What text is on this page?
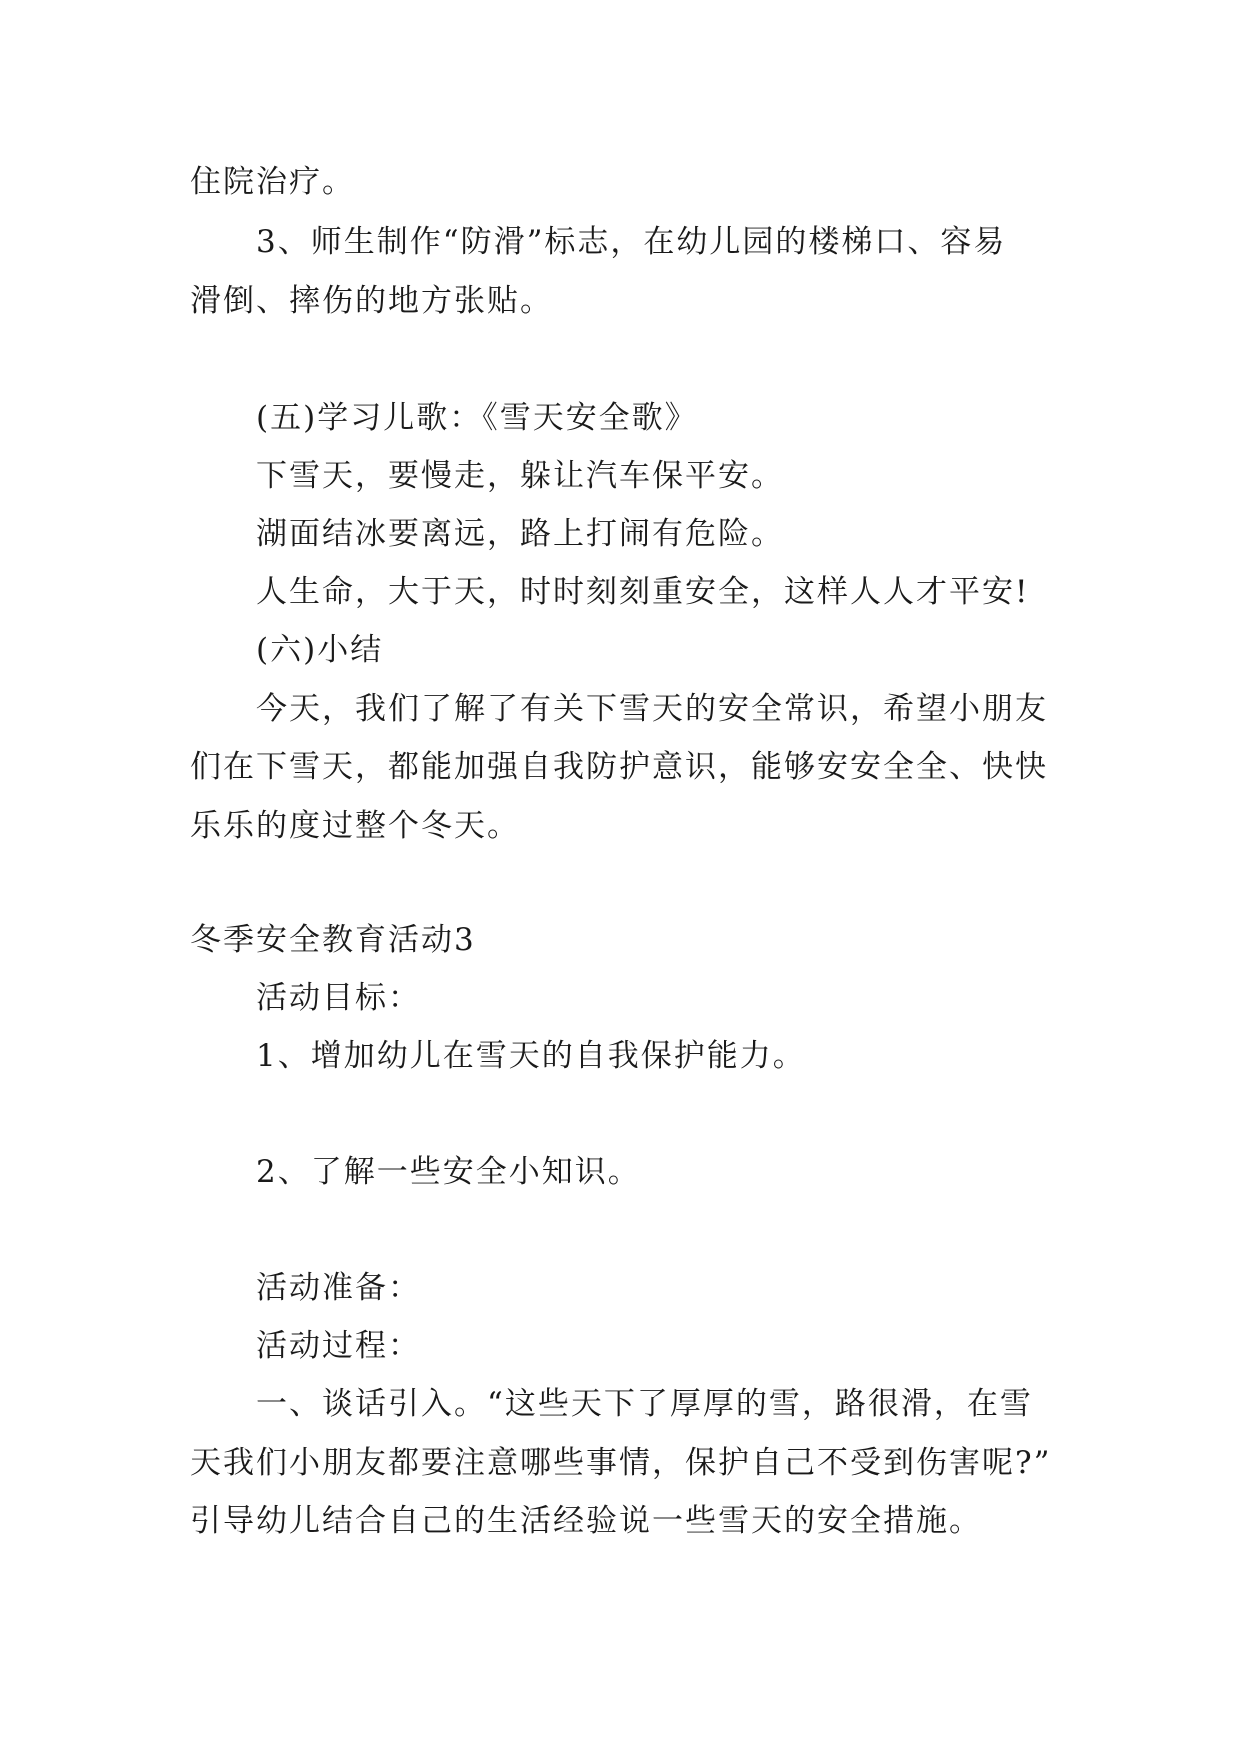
住院治疗。
3、师生制作“防滑”标志，在幼儿园的楼梯口、容易
滑倒、摔伤的地方张贴。
(五)学习儿歌：《雪天安全歌》
下雪天，要慢走，躲让汽车保平安。
湖面结冰要离远，路上打闹有危险。
人生命，大于天，时时刻刻重安全，这样人人才平安!
(六)小结
今天，我们了解了有关下雪天的安全常识，希望小朋友
们在下雪天，都能加强自我防护意识，能够安安全全、快快
乐乐的度过整个冬天。
冬季安全教育活动3
活动目标：
1、增加幼儿在雪天的自我保护能力。
2、了解一些安全小知识。
活动准备：
活动过程：
一、谈话引入。“这些天下了厚厚的雪，路很滑，在雪
天我们小朋友都要注意哪些事情，保护自己不受到伤害呢?”
引导幼儿结合自己的生活经验说一些雪天的安全措施。
